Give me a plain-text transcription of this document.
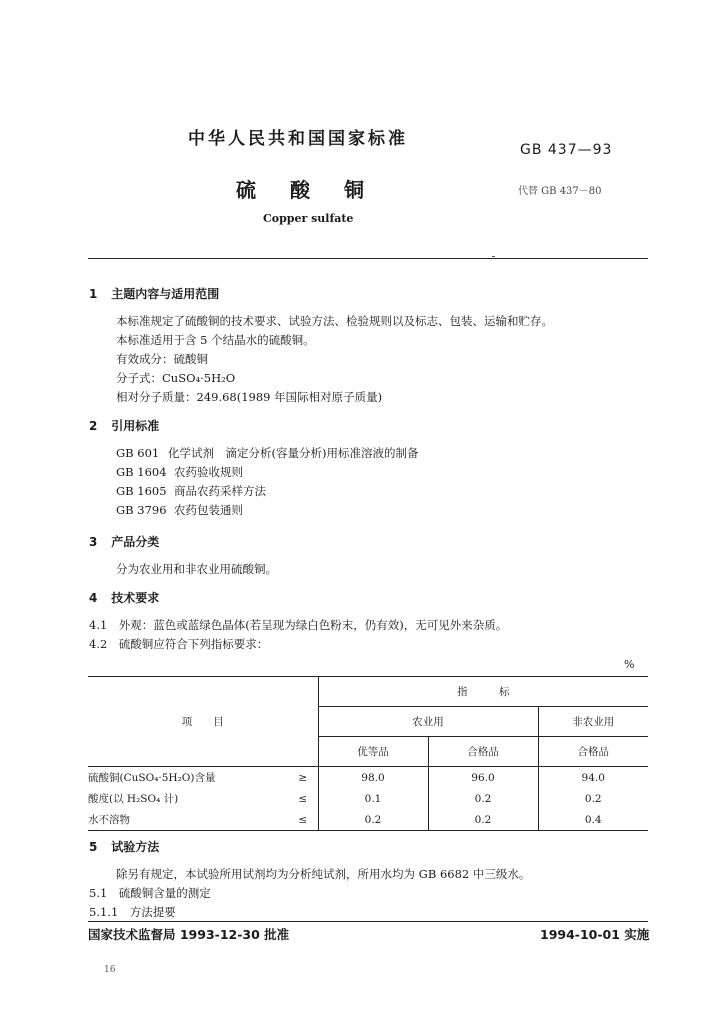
中华人民共和国国家标准
GB 437—93
硫酸铜	代替 GB 437－80
Copper sulfate
1 主题内容与适用范围
本标准规定了硫酸铜的技术要求、试验方法、检验规则以及标志、包装、运输和贮存。
本标准适用于含 5 个结晶水的硫酸铜。
有效成分：硫酸铜
分子式：CuSO₄·5H₂O
相对分子质量：249.68(1989 年国际相对原子质量)
2 引用标准
GB 601 化学试剂　滴定分析(容量分析)用标准溶液的制备
GB 1604 农药验收规则
GB 1605 商品农药采样方法
GB 3796 农药包装通则
3 产品分类
分为农业用和非农业用硫酸铜。
4 技术要求
4.1　外观：蓝色或蓝绿色晶体(若呈现为绿白色粉末，仍有效)，无可见外来杂质。
4.2　硫酸铜应符合下列指标要求：
%
项　　目		指　　　标		
		农业用		非农业用
		优等品	合格品	合格品
硫酸铜(CuSO₄·5H₂O)含量	≥	98.0	96.0	94.0
酸度(以 H₂SO₄ 计)	≤	0.1	0.2	0.2
水不溶物	≤	0.2	0.2	0.4
5 试验方法
除另有规定，本试验所用试剂均为分析纯试剂，所用水均为 GB 6682 中三级水。
5.1　硫酸铜含量的测定
5.1.1　方法提要
国家技术监督局 1993-12-30 批准	1994-10-01 实施
16
